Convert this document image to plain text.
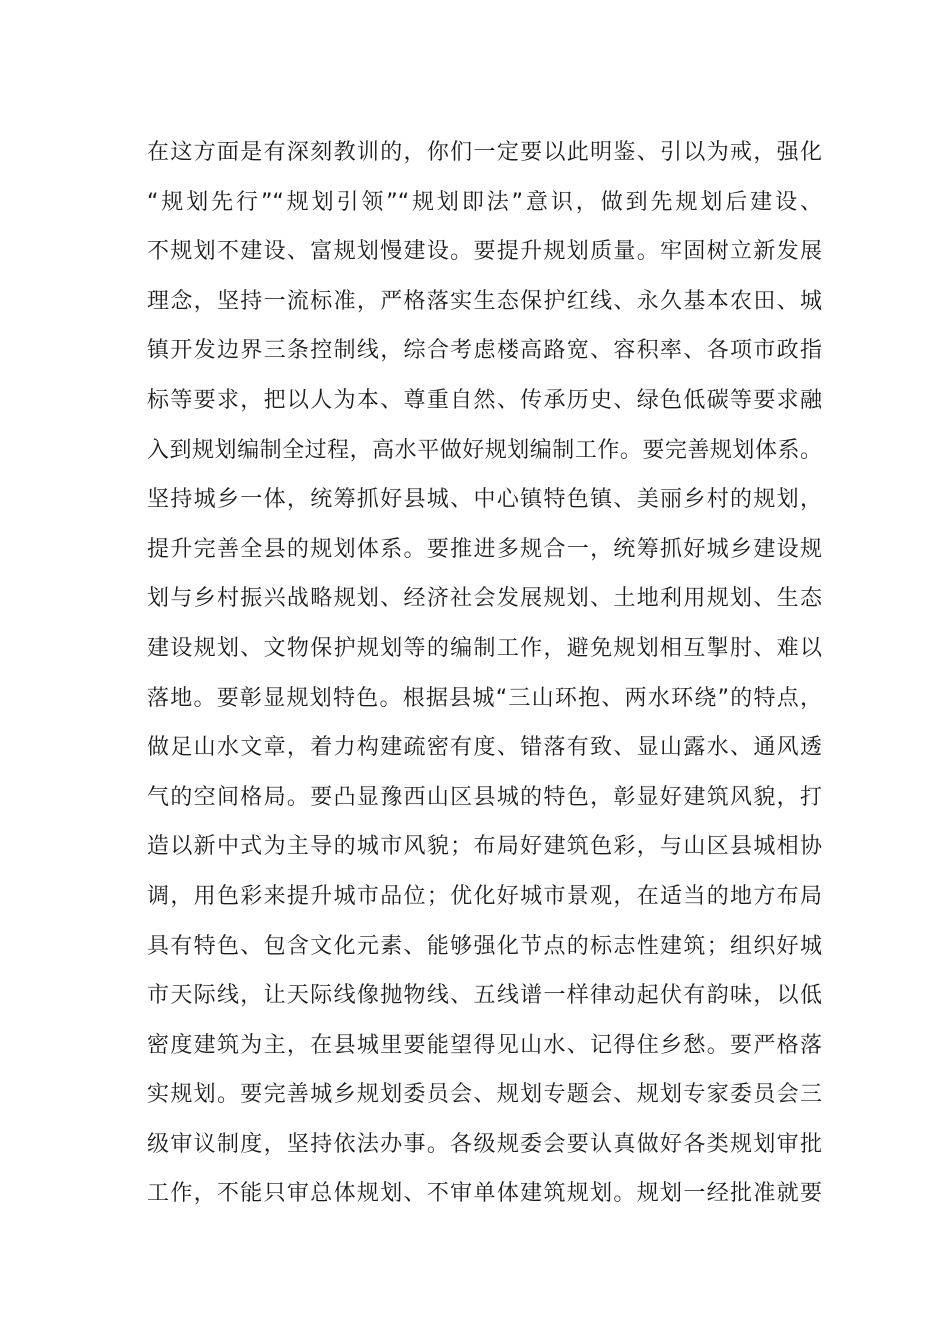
在这方面是有深刻教训的，你们一定要以此明鉴、引以为戒，强化
“规划先行”“规划引领”“规划即法”意识，做到先规划后建设、
不规划不建设、富规划慢建设。要提升规划质量。牢固树立新发展
理念，坚持一流标准，严格落实生态保护红线、永久基本农田、城
镇开发边界三条控制线，综合考虑楼高路宽、容积率、各项市政指
标等要求，把以人为本、尊重自然、传承历史、绿色低碳等要求融
入到规划编制全过程，高水平做好规划编制工作。要完善规划体系。
坚持城乡一体，统筹抓好县城、中心镇特色镇、美丽乡村的规划，
提升完善全县的规划体系。要推进多规合一，统筹抓好城乡建设规
划与乡村振兴战略规划、经济社会发展规划、土地利用规划、生态
建设规划、文物保护规划等的编制工作，避免规划相互掣肘、难以
落地。要彰显规划特色。根据县城“三山环抱、两水环绕”的特点，
做足山水文章，着力构建疏密有度、错落有致、显山露水、通风透
气的空间格局。要凸显豫西山区县城的特色，彰显好建筑风貌，打
造以新中式为主导的城市风貌；布局好建筑色彩，与山区县城相协
调，用色彩来提升城市品位；优化好城市景观，在适当的地方布局
具有特色、包含文化元素、能够强化节点的标志性建筑；组织好城
市天际线，让天际线像抛物线、五线谱一样律动起伏有韵味，以低
密度建筑为主，在县城里要能望得见山水、记得住乡愁。要严格落
实规划。要完善城乡规划委员会、规划专题会、规划专家委员会三
级审议制度，坚持依法办事。各级规委会要认真做好各类规划审批
工作，不能只审总体规划、不审单体建筑规划。规划一经批准就要
